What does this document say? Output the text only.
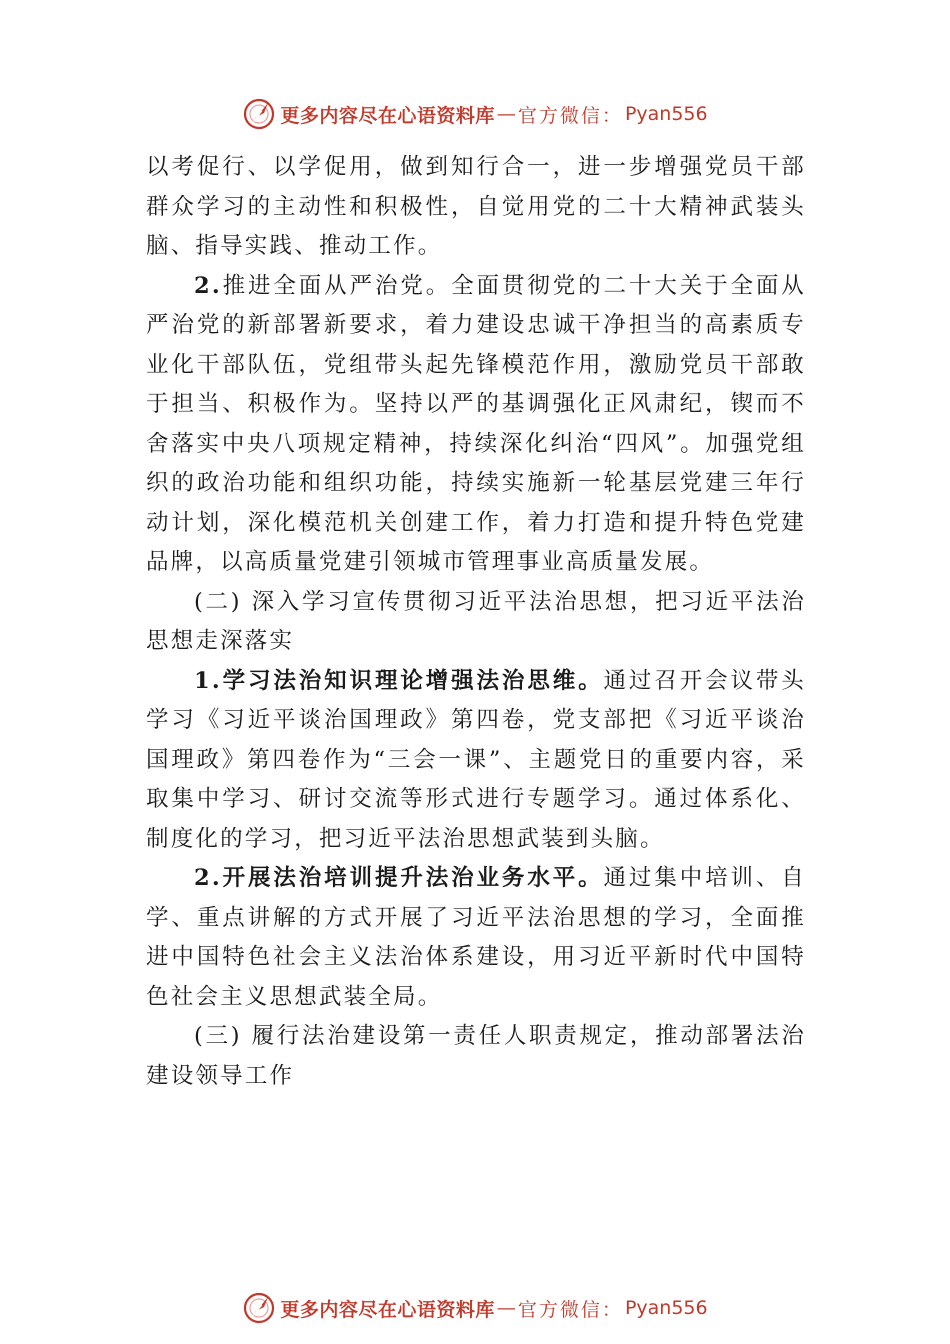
更多内容尽在心语资料库 — 官方微信： Pyan556

以考促行、以学促用，做到知行合一，进一步增强党员干部群众学习的主动性和积极性，自觉用党的二十大精神武装头脑、指导实践、推动工作。

2.推进全面从严治党。全面贯彻党的二十大关于全面从严治党的新部署新要求，着力建设忠诚干净担当的高素质专业化干部队伍，党组带头起先锋模范作用，激励党员干部敢于担当、积极作为。坚持以严的基调强化正风肃纪，锲而不舍落实中央八项规定精神，持续深化纠治“四风”。加强党组织的政治功能和组织功能，持续实施新一轮基层党建三年行动计划，深化模范机关创建工作，着力打造和提升特色党建品牌，以高质量党建引领城市管理事业高质量发展。

(二) 深入学习宣传贯彻习近平法治思想，把习近平法治思想走深落实

1.学习法治知识理论增强法治思维。通过召开会议带头学习《习近平谈治国理政》第四卷，党支部把《习近平谈治国理政》第四卷作为“三会一课”、主题党日的重要内容，采取集中学习、研讨交流等形式进行专题学习。通过体系化、 制度化的学习，把习近平法治思想武装到头脑。

2.开展法治培训提升法治业务水平。通过集中培训、自学、重点讲解的方式开展了习近平法治思想的学习，全面推进中国特色社会主义法治体系建设，用习近平新时代中国特色社会主义思想武装全局。

(三) 履行法治建设第一责任人职责规定，推动部署法治建设领导工作

更多内容尽在心语资料库 — 官方微信： Pyan556
